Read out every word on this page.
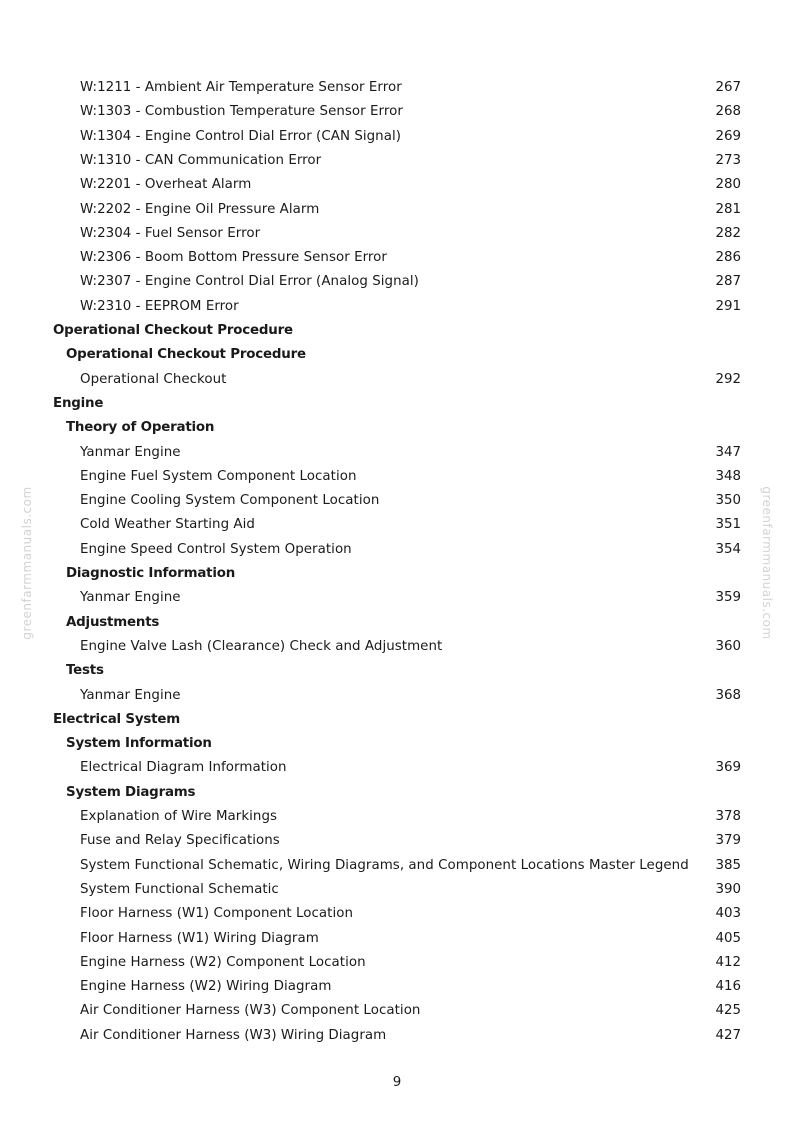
W:1211 - Ambient Air Temperature Sensor Error	267
W:1303 - Combustion Temperature Sensor Error	268
W:1304 - Engine Control Dial Error (CAN Signal)	269
W:1310 - CAN Communication Error	273
W:2201 - Overheat Alarm	280
W:2202 - Engine Oil Pressure Alarm	281
W:2304 - Fuel Sensor Error	282
W:2306 - Boom Bottom Pressure Sensor Error	286
W:2307 - Engine Control Dial Error (Analog Signal)	287
W:2310 - EEPROM Error	291
Operational Checkout Procedure
Operational Checkout Procedure
Operational Checkout	292
Engine
Theory of Operation
Yanmar Engine	347
Engine Fuel System Component Location	348
Engine Cooling System Component Location	350
Cold Weather Starting Aid	351
Engine Speed Control System Operation	354
Diagnostic Information
Yanmar Engine	359
Adjustments
Engine Valve Lash (Clearance) Check and Adjustment	360
Tests
Yanmar Engine	368
Electrical System
System Information
Electrical Diagram Information	369
System Diagrams
Explanation of Wire Markings	378
Fuse and Relay Specifications	379
System Functional Schematic, Wiring Diagrams, and Component Locations Master Legend 385
System Functional Schematic	390
Floor Harness (W1) Component Location	403
Floor Harness (W1) Wiring Diagram	405
Engine Harness (W2) Component Location	412
Engine Harness (W2) Wiring Diagram	416
Air Conditioner Harness (W3) Component Location	425
Air Conditioner Harness (W3) Wiring Diagram	427
greenfarmmanuals.com	greenfarmmanuals.com
9
